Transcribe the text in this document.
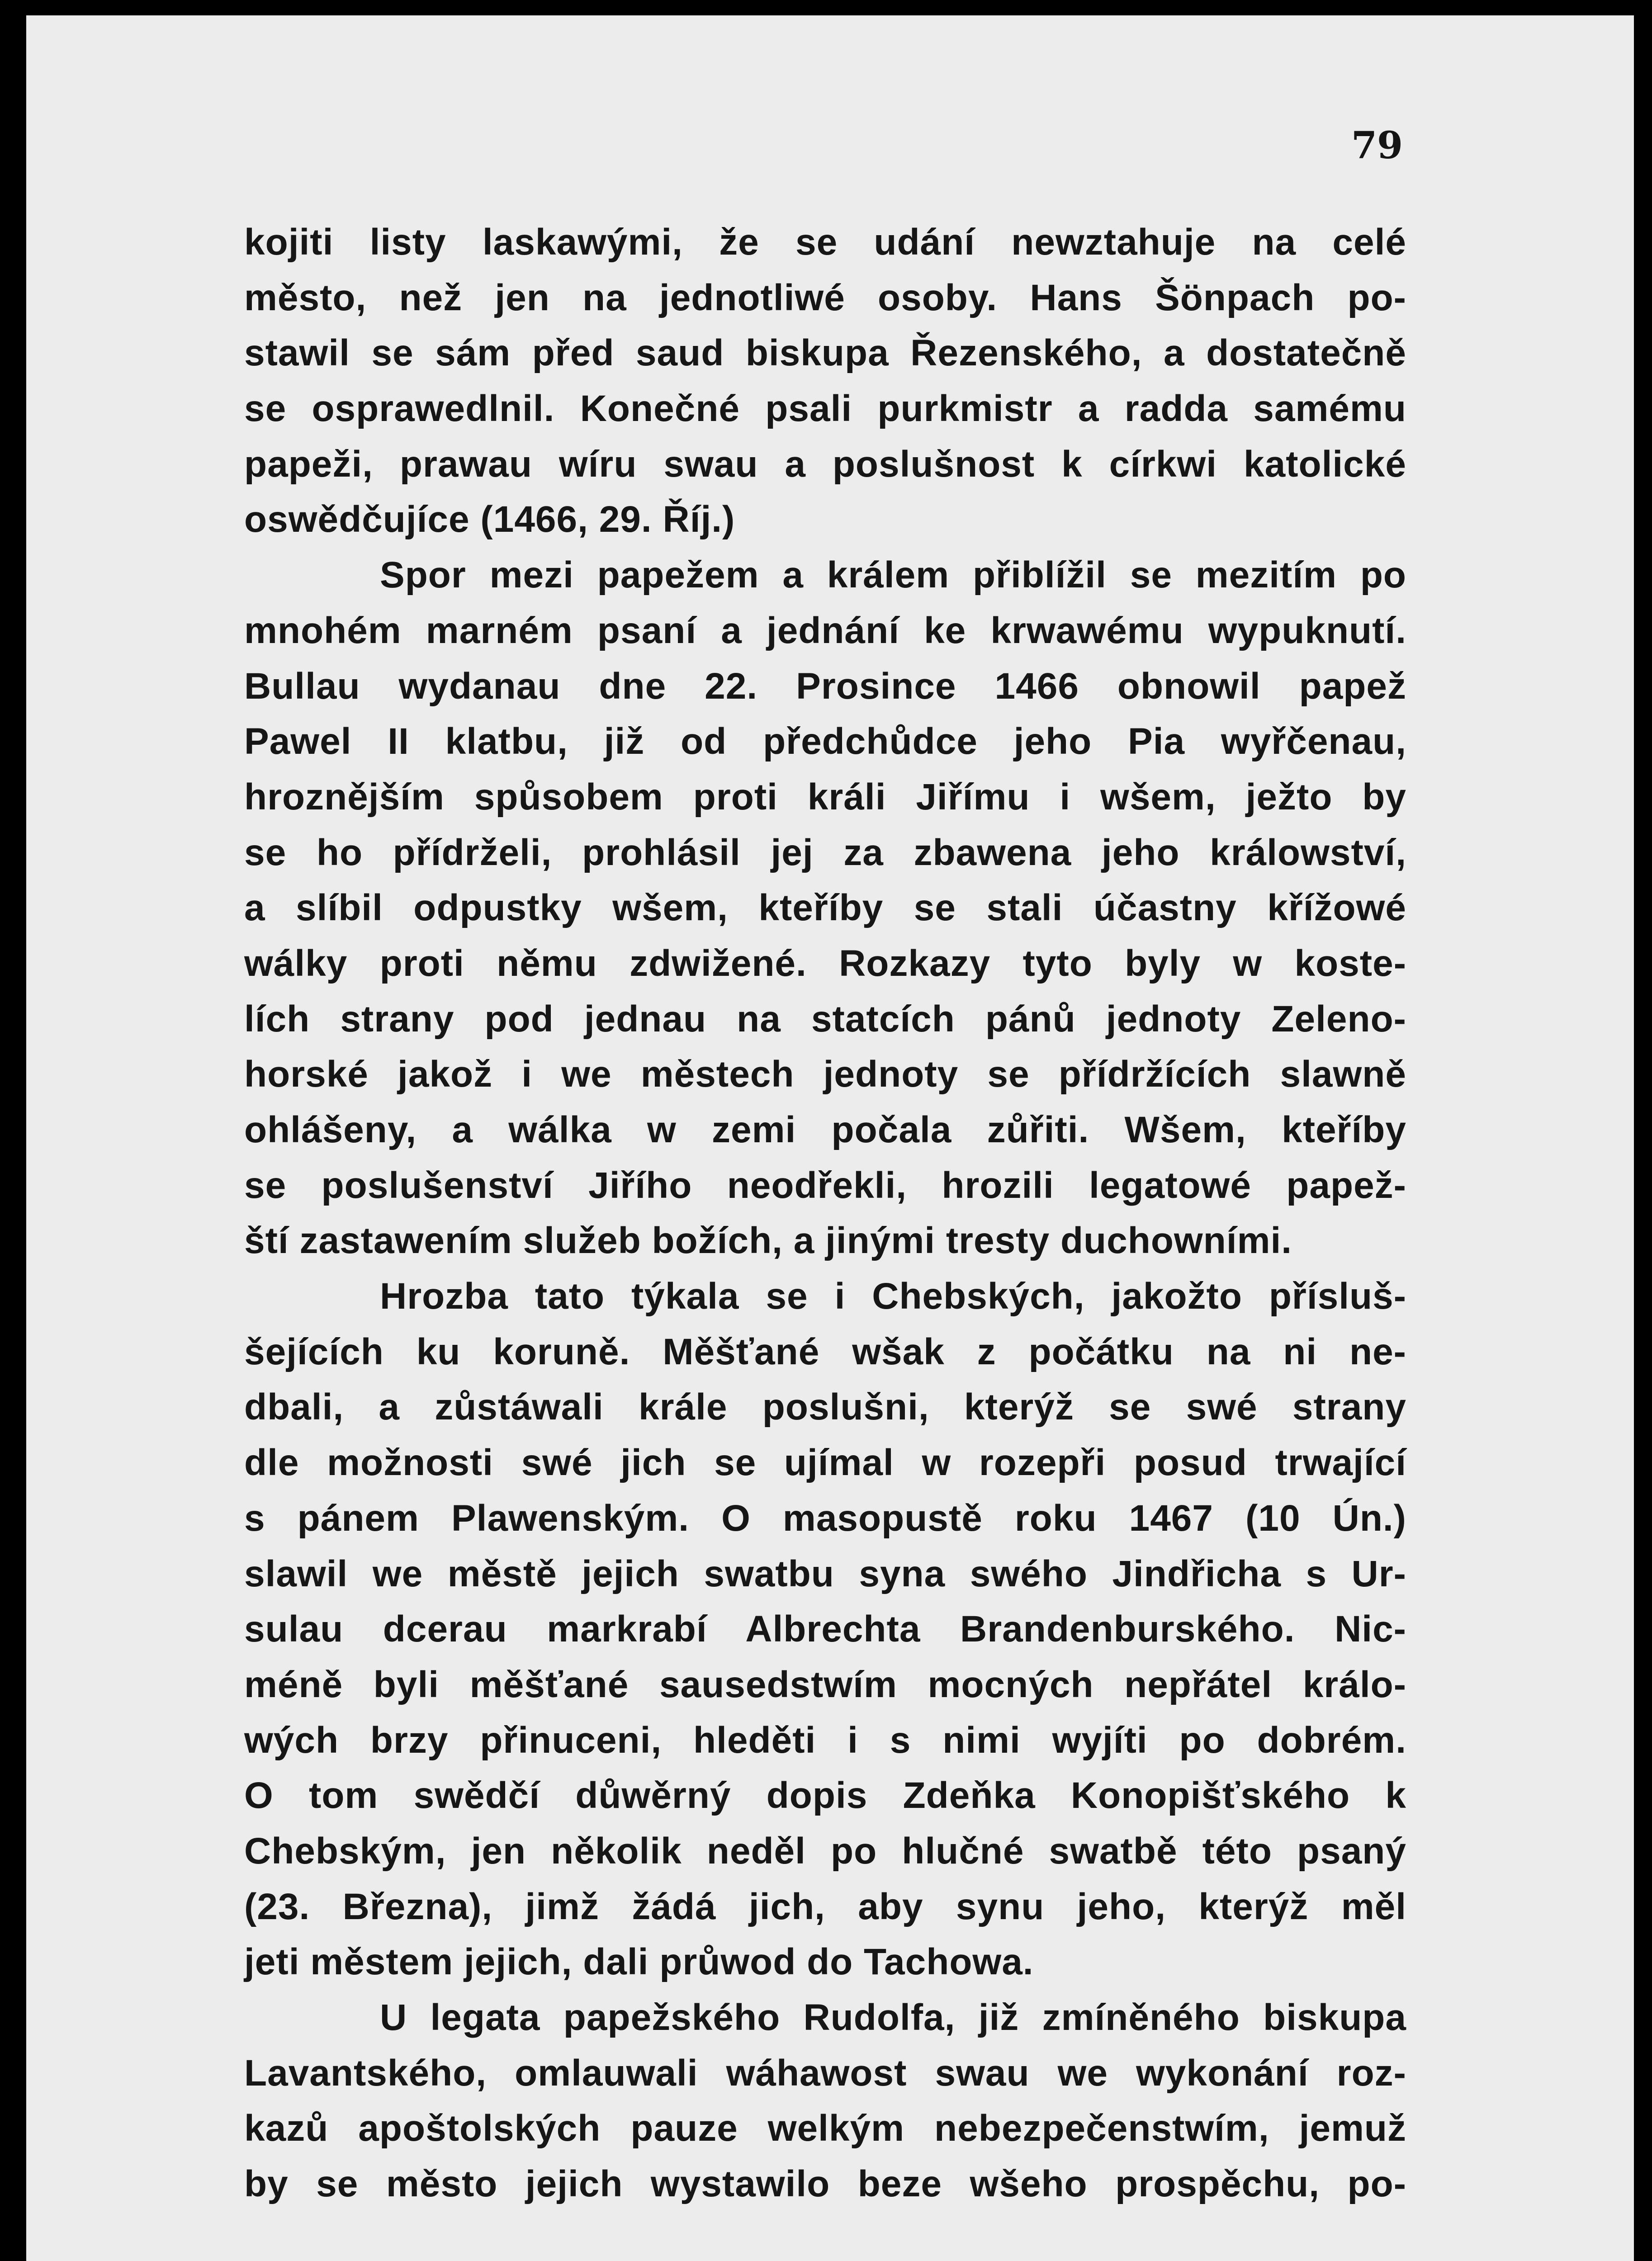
79
kojiti listy laskawými, že se udání newztahuje na celé
město, než jen na jednotliwé osoby. Hans Šönpach po-
stawil se sám před saud biskupa Řezenského, a dostatečně
se osprawedlnil. Konečné psali purkmistr a radda samému
papeži, prawau wíru swau a poslušnost k církwi katolické
oswědčujíce (1466, 29. Říj.)
Spor mezi papežem a králem přiblížil se mezitím po
mnohém marném psaní a jednání ke krwawému wypuknutí.
Bullau wydanau dne 22. Prosince 1466 obnowil papež
Pawel II klatbu, již od předchůdce jeho Pia wyřčenau,
hroznějším spůsobem proti králi Jiřímu i wšem, ježto by
se ho přídrželi, prohlásil jej za zbawena jeho králowství,
a slíbil odpustky wšem, kteříby se stali účastny křížowé
wálky proti němu zdwižené. Rozkazy tyto byly w koste-
lích strany pod jednau na statcích pánů jednoty Zeleno-
horské jakož i we městech jednoty se přídržících slawně
ohlášeny, a wálka w zemi počala zůřiti. Wšem, kteříby
se poslušenství Jiřího neodřekli, hrozili legatowé papež-
ští zastawením služeb božích, a jinými tresty duchowními.
Hrozba tato týkala se i Chebských, jakožto přísluš-
šejících ku koruně. Měšťané wšak z počátku na ni ne-
dbali, a zůstáwali krále poslušni, kterýž se swé strany
dle možnosti swé jich se ujímal w rozepři posud trwající
s pánem Plawenským. O masopustě roku 1467 (10 Ún.)
slawil we městě jejich swatbu syna swého Jindřicha s Ur-
sulau dcerau markrabí Albrechta Brandenburského. Nic-
méně byli měšťané sausedstwím mocných nepřátel králo-
wých brzy přinuceni, hleděti i s nimi wyjíti po dobrém.
O tom swědčí důwěrný dopis Zdeňka Konopišťského k
Chebským, jen několik neděl po hlučné swatbě této psaný
(23. Března), jimž žádá jich, aby synu jeho, kterýž měl
jeti městem jejich, dali průwod do Tachowa.
U legata papežského Rudolfa, již zmíněného biskupa
Lavantského, omlauwali wáhawost swau we wykonání roz-
kazů apoštolských pauze welkým nebezpečenstwím, jemuž
by se město jejich wystawilo beze wšeho prospěchu, po-
